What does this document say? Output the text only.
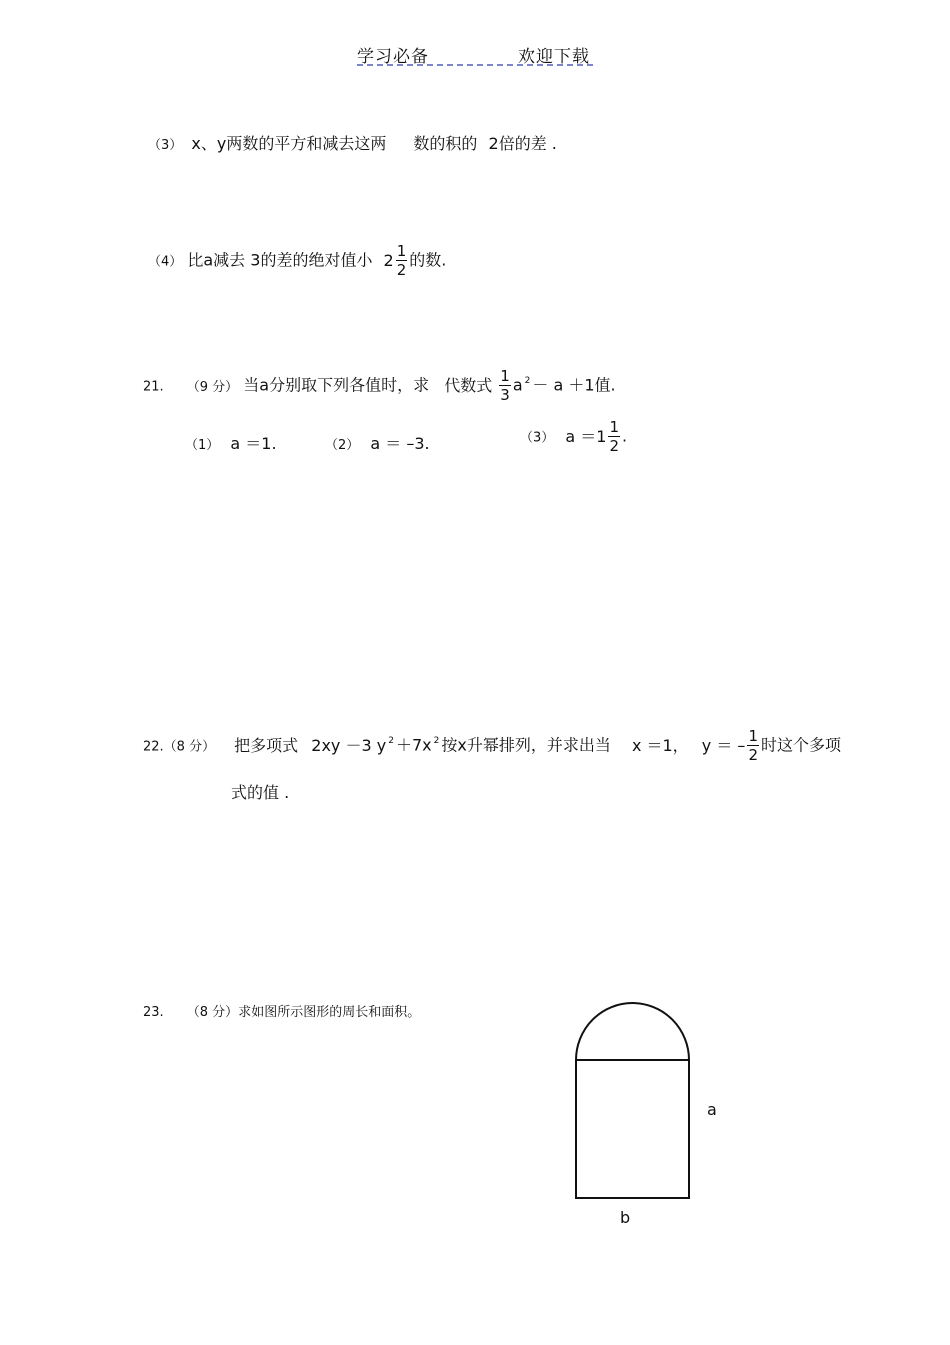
学习必备	欢迎下载
（3） x、y两数的平方和减去这两 数的积的 2倍的差 .
（4） 比a减去 3的差的绝对值小 $2 \frac{1}{2}$ 的数.
21. （9 分） 当a分别取下列各值时，求 代数式 $\frac{1}{3}$ a $^2$ － a ＋1值.
（1） a ＝1.	（2） a ＝ –3.	（3） $a =1 \frac{1}{2}$ .
22.（8 分） 把多项式 2xy －3 y $^2$ ＋7x $^2$ 按x升幂排列，并求出当 x ＝1， y ＝ – $\frac{1}{2}$ 时这个多项
式的值 .
23. （8 分）求如图所示图形的周长和面积。
a
b
